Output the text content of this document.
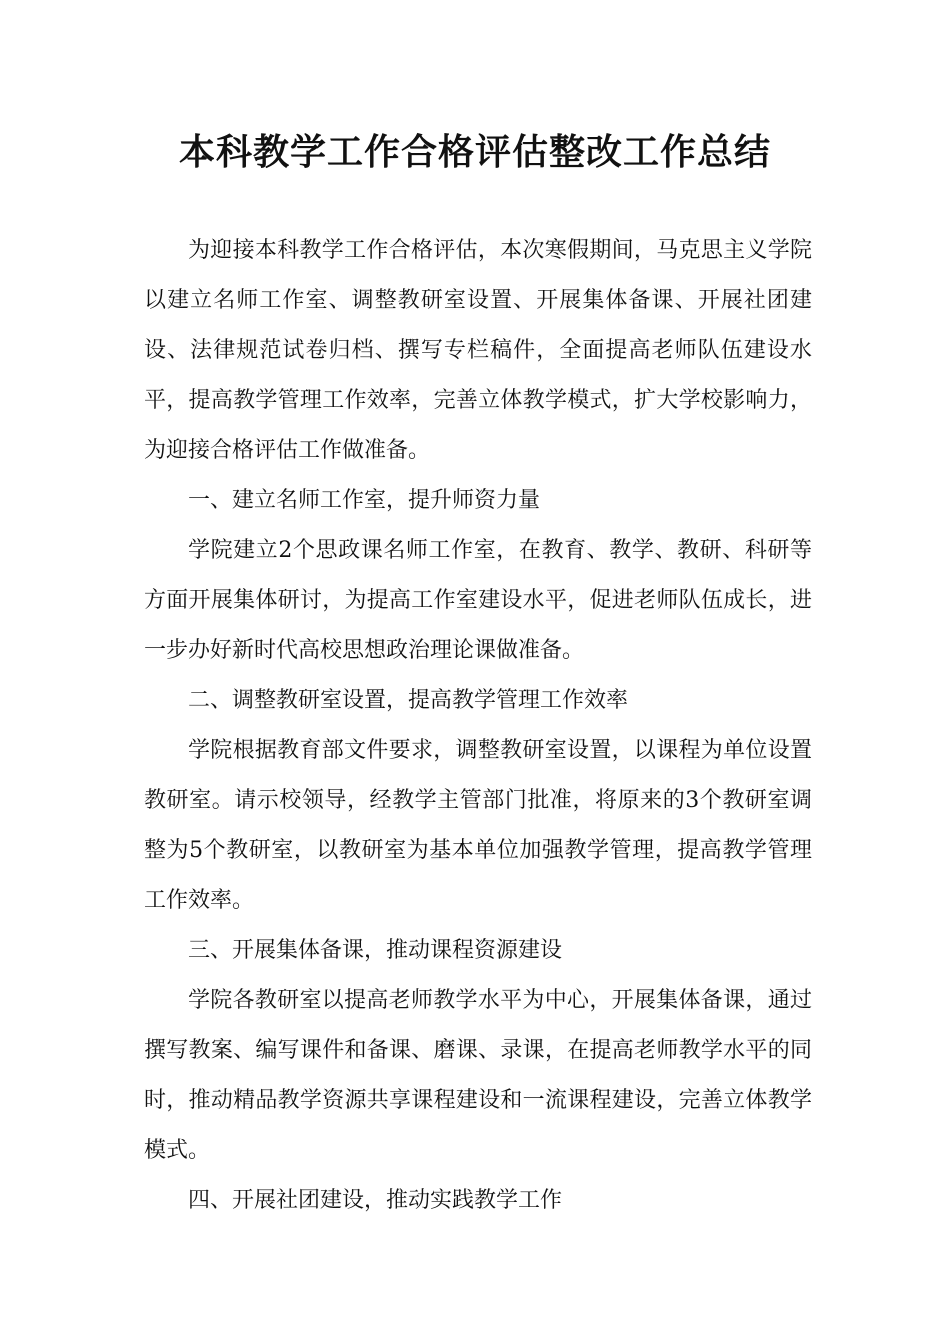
本科教学工作合格评估整改工作总结

为迎接本科教学工作合格评估，本次寒假期间，马克思主义学院以建立名师工作室、调整教研室设置、开展集体备课、开展社团建设、法律规范试卷归档、撰写专栏稿件，全面提高老师队伍建设水平，提高教学管理工作效率，完善立体教学模式，扩大学校影响力，为迎接合格评估工作做准备。

一、建立名师工作室，提升师资力量

学院建立2个思政课名师工作室，在教育、教学、教研、科研等方面开展集体研讨，为提高工作室建设水平，促进老师队伍成长，进一步办好新时代高校思想政治理论课做准备。

二、调整教研室设置，提高教学管理工作效率

学院根据教育部文件要求，调整教研室设置，以课程为单位设置教研室。请示校领导，经教学主管部门批准，将原来的3个教研室调整为5个教研室，以教研室为基本单位加强教学管理，提高教学管理工作效率。

三、开展集体备课，推动课程资源建设

学院各教研室以提高老师教学水平为中心，开展集体备课，通过撰写教案、编写课件和备课、磨课、录课，在提高老师教学水平的同时，推动精品教学资源共享课程建设和一流课程建设，完善立体教学模式。

四、开展社团建设，推动实践教学工作
